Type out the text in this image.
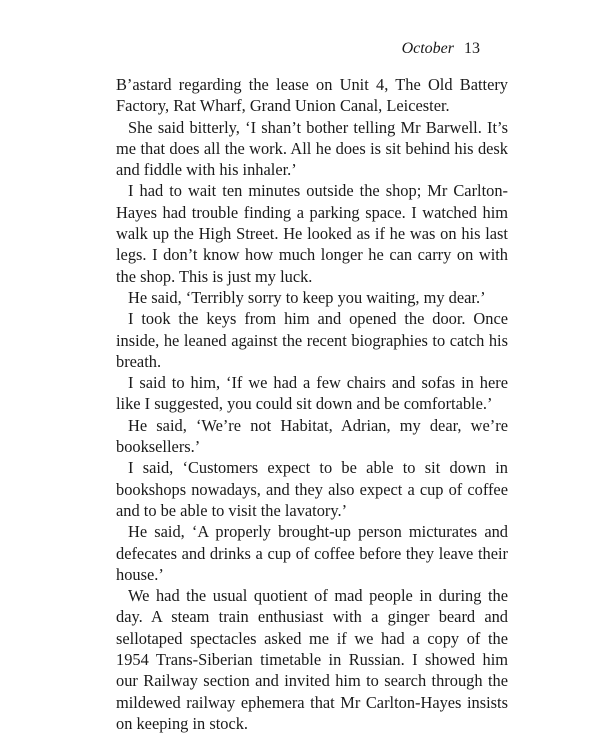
October 13

B’astard regarding the lease on Unit 4, The Old Battery Factory, Rat Wharf, Grand Union Canal, Leicester.

She said bitterly, ‘I shan’t bother telling Mr Barwell. It’s me that does all the work. All he does is sit behind his desk and fiddle with his inhaler.’

I had to wait ten minutes outside the shop; Mr Carlton-Hayes had trouble finding a parking space. I watched him walk up the High Street. He looked as if he was on his last legs. I don’t know how much longer he can carry on with the shop. This is just my luck.

He said, ‘Terribly sorry to keep you waiting, my dear.’

I took the keys from him and opened the door. Once inside, he leaned against the recent biographies to catch his breath.

I said to him, ‘If we had a few chairs and sofas in here like I suggested, you could sit down and be comfortable.’

He said, ‘We’re not Habitat, Adrian, my dear, we’re booksellers.’

I said, ‘Customers expect to be able to sit down in bookshops nowadays, and they also expect a cup of coffee and to be able to visit the lavatory.’

He said, ‘A properly brought-up person micturates and defecates and drinks a cup of coffee before they leave their house.’

We had the usual quotient of mad people in during the day. A steam train enthusiast with a ginger beard and sellotaped spectacles asked me if we had a copy of the 1954 Trans-Siberian timetable in Russian. I showed him our Railway section and invited him to search through the mildewed railway ephemera that Mr Carlton-Hayes insists on keeping in stock.
